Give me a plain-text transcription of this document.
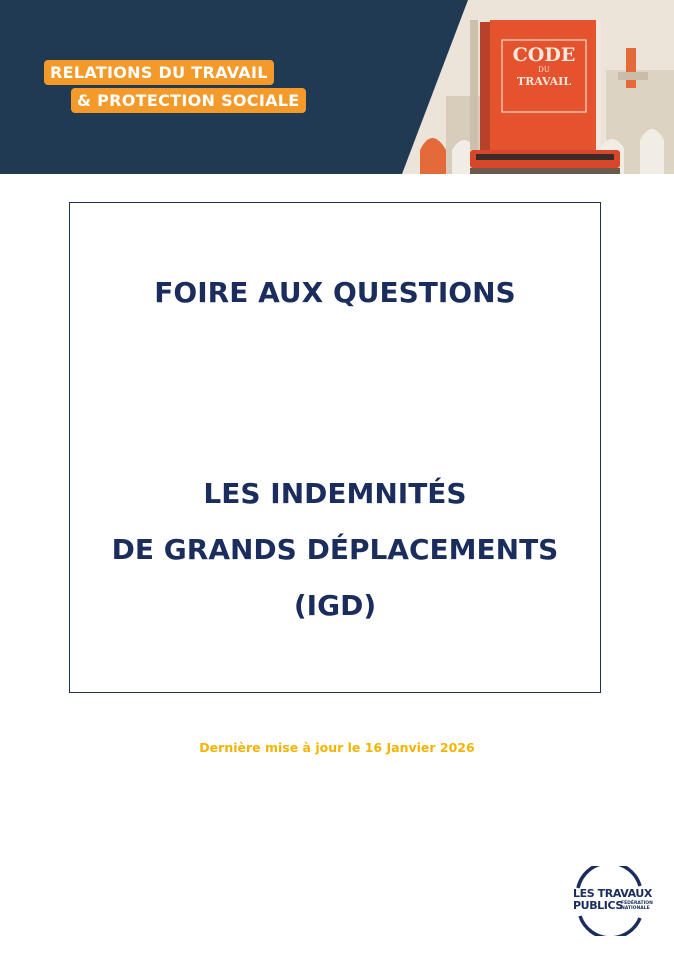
CODE
DU
TRAVAIL
RELATIONS DU TRAVAIL
& PROTECTION SOCIALE
FOIRE AUX QUESTIONS
LES INDEMNITÉS
DE GRANDS DÉPLACEMENTS
(IGD)
Dernière mise à jour le 16 Janvier 2026
LES TRAVAUX
PUBLICS
FÉDÉRATION
NATIONALE
